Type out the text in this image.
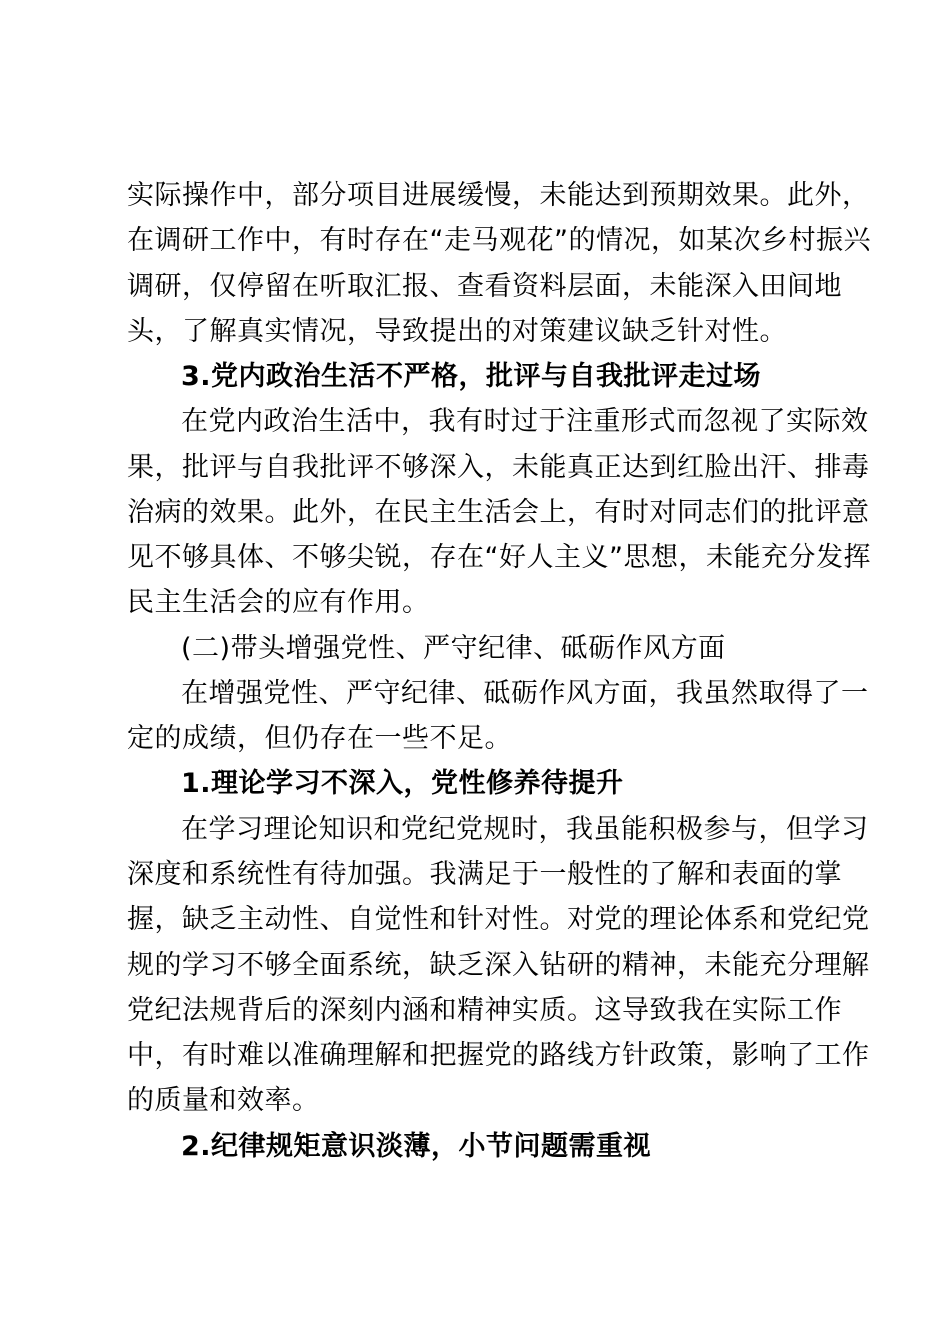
实际操作中，部分项目进展缓慢，未能达到预期效果。此外，
在调研工作中，有时存在“走马观花”的情况，如某次乡村振兴
调研，仅停留在听取汇报、查看资料层面，未能深入田间地
头，了解真实情况，导致提出的对策建议缺乏针对性。
3.党内政治生活不严格，批评与自我批评走过场
在党内政治生活中，我有时过于注重形式而忽视了实际效
果，批评与自我批评不够深入，未能真正达到红脸出汗、排毒
治病的效果。此外，在民主生活会上，有时对同志们的批评意
见不够具体、不够尖锐，存在“好人主义”思想，未能充分发挥
民主生活会的应有作用。
(二)带头增强党性、严守纪律、砥砺作风方面
在增强党性、严守纪律、砥砺作风方面，我虽然取得了一
定的成绩，但仍存在一些不足。
1.理论学习不深入，党性修养待提升
在学习理论知识和党纪党规时，我虽能积极参与，但学习
深度和系统性有待加强。我满足于一般性的了解和表面的掌
握，缺乏主动性、自觉性和针对性。对党的理论体系和党纪党
规的学习不够全面系统，缺乏深入钻研的精神，未能充分理解
党纪法规背后的深刻内涵和精神实质。这导致我在实际工作
中，有时难以准确理解和把握党的路线方针政策，影响了工作
的质量和效率。
2.纪律规矩意识淡薄，小节问题需重视
